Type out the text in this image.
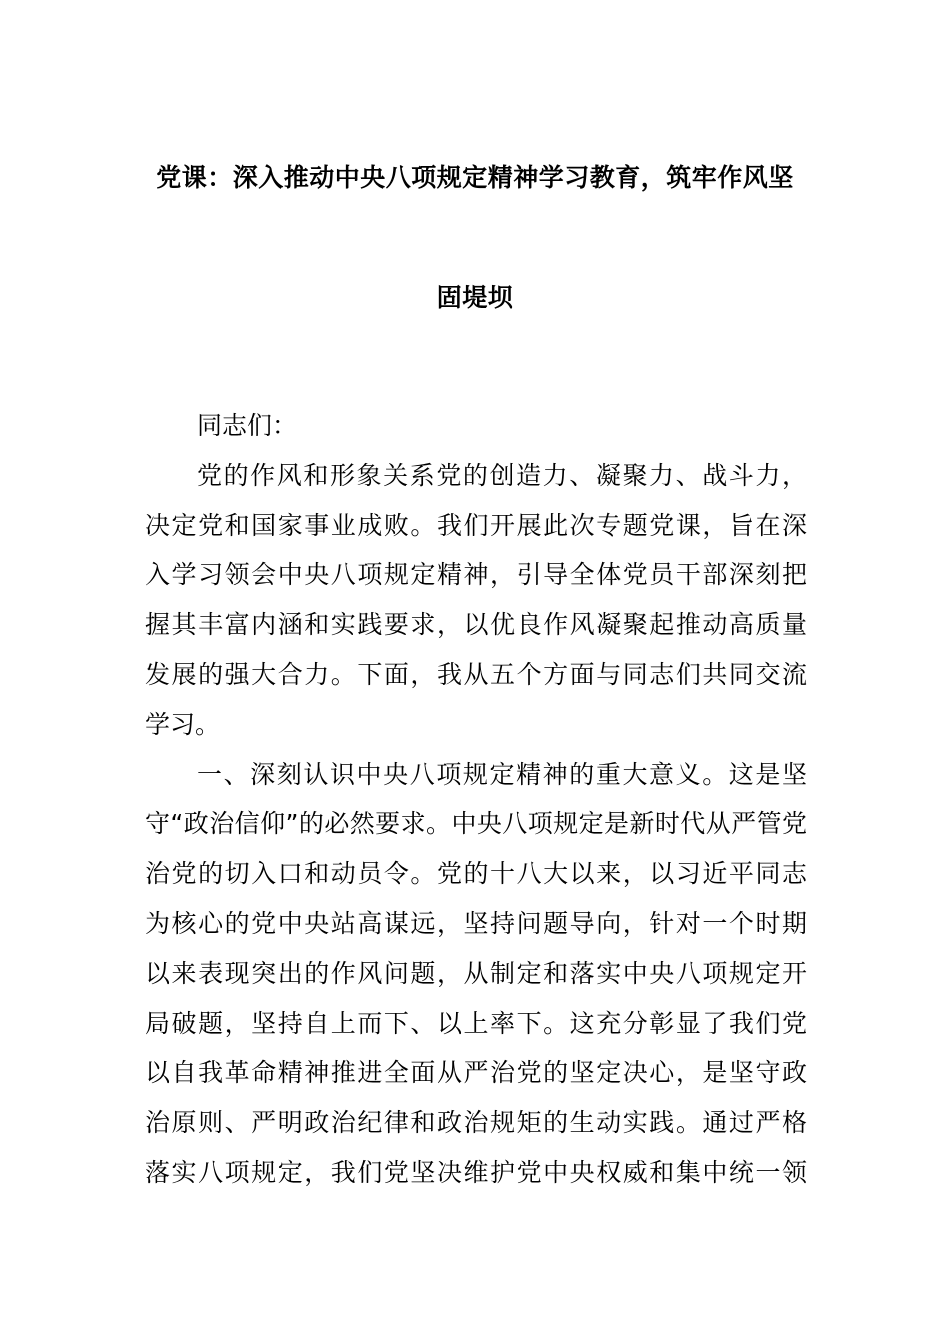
党课：深入推动中央八项规定精神学习教育，筑牢作风坚
固堤坝
同志们：
党的作风和形象关系党的创造力、凝聚力、战斗力，
决定党和国家事业成败。我们开展此次专题党课，旨在深
入学习领会中央八项规定精神，引导全体党员干部深刻把
握其丰富内涵和实践要求，以优良作风凝聚起推动高质量
发展的强大合力。下面，我从五个方面与同志们共同交流
学习。
一、深刻认识中央八项规定精神的重大意义。这是坚
守“政治信仰”的必然要求。中央八项规定是新时代从严管党
治党的切入口和动员令。党的十八大以来，以习近平同志
为核心的党中央站高谋远，坚持问题导向，针对一个时期
以来表现突出的作风问题，从制定和落实中央八项规定开
局破题，坚持自上而下、以上率下。这充分彰显了我们党
以自我革命精神推进全面从严治党的坚定决心，是坚守政
治原则、严明政治纪律和政治规矩的生动实践。通过严格
落实八项规定，我们党坚决维护党中央权威和集中统一领
